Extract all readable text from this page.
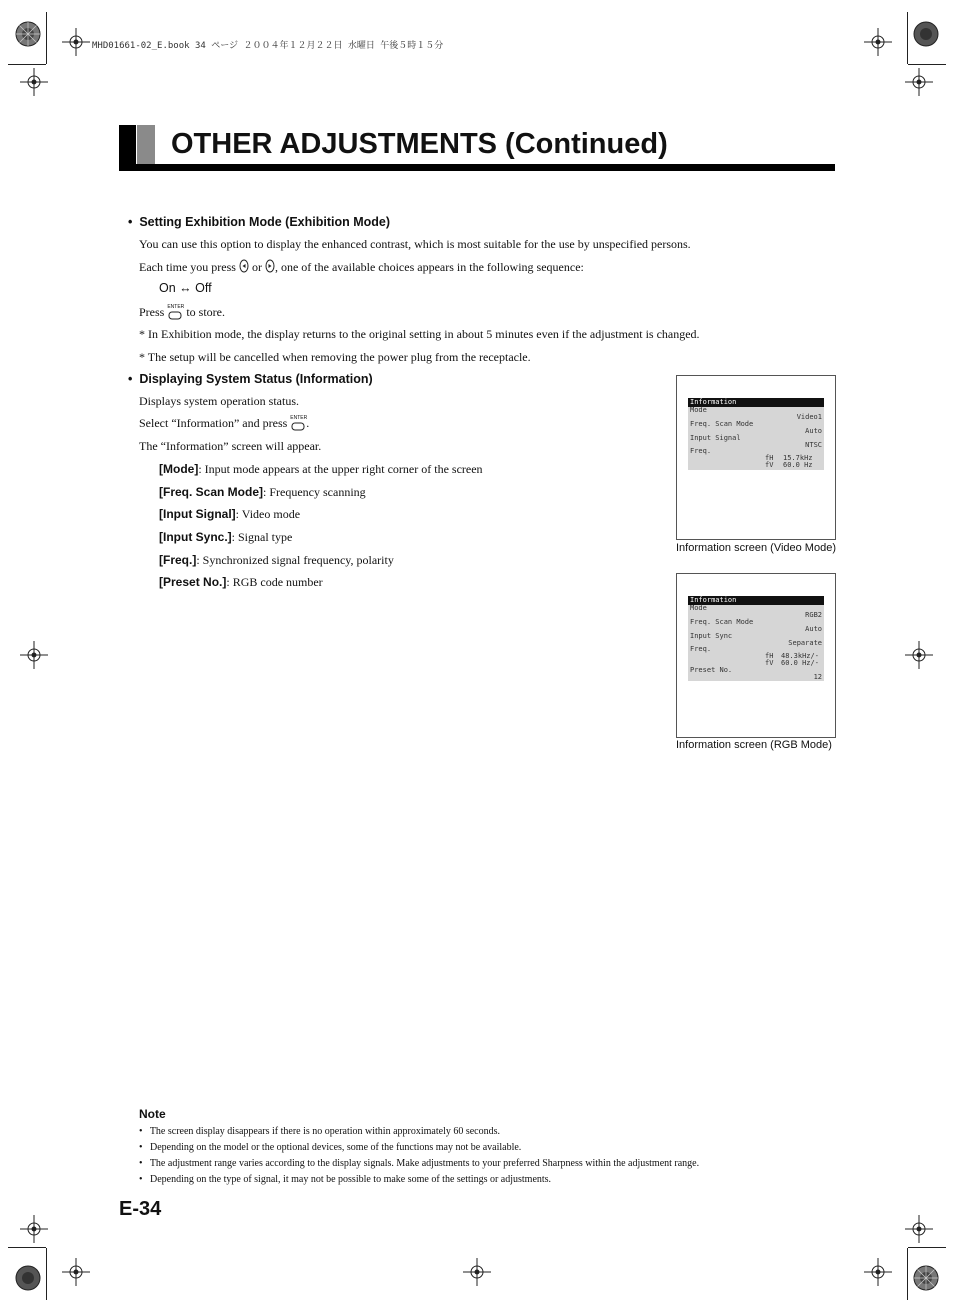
MHD01661-02_E.book 34 ページ ２００４年１２月２２日 水曜日 午後５時１５分
OTHER ADJUSTMENTS (Continued)
•  Setting Exhibition Mode (Exhibition Mode)
You can use this option to display the enhanced contrast, which is most suitable for the use by unspecified persons.
Each time you press or , one of the available choices appears in the following sequence:
On ↔ Off
Press ENTER to store.
* In Exhibition mode, the display returns to the original setting in about 5 minutes even if the adjustment is changed.
* The setup will be cancelled when removing the power plug from the receptacle.
•  Displaying System Status (Information)
Displays system operation status.
Select “Information” and press ENTER .
The “Information” screen will appear.
[Mode]: Input mode appears at the upper right corner of the screen
[Freq. Scan Mode]: Frequency scanning
[Input Signal]: Video mode
[Input Sync.]: Signal type
[Freq.]: Synchronized signal frequency, polarity
[Preset No.]: RGB code number
Information
Mode
Video1
Freq. Scan Mode
Auto
Input Signal
NTSC
Freq.
fH 15.7kHz
fV 60.0 Hz
Information screen (Video Mode)
Information
Mode
RGB2
Freq. Scan Mode
Auto
Input Sync
Separate
Freq.
fH 48.3kHz/-
fV 60.0 Hz/-
Preset No.
12
Information screen (RGB Mode)
Note
•   The screen display disappears if there is no operation within approximately 60 seconds.
•   Depending on the model or the optional devices, some of the functions may not be available.
•   The adjustment range varies according to the display signals. Make adjustments to your preferred Sharpness within the adjustment range.
•   Depending on the type of signal, it may not be possible to make some of the settings or adjustments.
E-34
